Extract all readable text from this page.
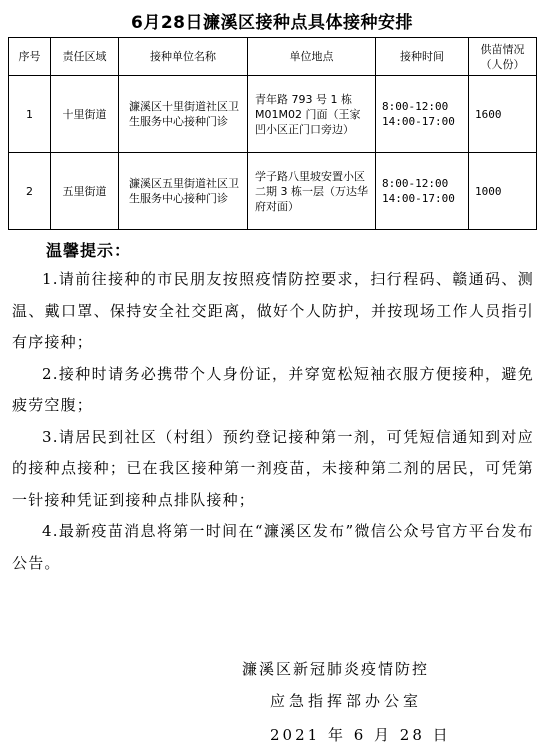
6月28日濂溪区接种点具体接种安排
序号	责任区域	接种单位名称	单位地点	接种时间	供苗情况
（人份）

1	十里街道	濂溪区十里街道社区卫生服务中心接种门诊	青年路 793 号 1 栋 M01M02 门面（王家凹小区正门口旁边）	8:00-12:00
14:00-17:00	1600
2	五里街道	濂溪区五里街道社区卫生服务中心接种门诊	学子路八里坡安置小区二期 3 栋一层（万达华府对面）	8:00-12:00
14:00-17:00	1000
温馨提示：

1.请前往接种的市民朋友按照疫情防控要求，扫行程码、赣通码、测温、戴口罩、保持安全社交距离，做好个人防护，并按现场工作人员指引有序接种；

2.接种时请务必携带个人身份证，并穿宽松短袖衣服方便接种，避免疲劳空腹；

3.请居民到社区（村组）预约登记接种第一剂，可凭短信通知到对应的接种点接种；已在我区接种第一剂疫苗，未接种第二剂的居民，可凭第一针接种凭证到接种点排队接种；

4.最新疫苗消息将第一时间在“濂溪区发布”微信公众号官方平台发布公告。

濂溪区新冠肺炎疫情防控
应急指挥部办公室
2021 年 6 月 28 日
